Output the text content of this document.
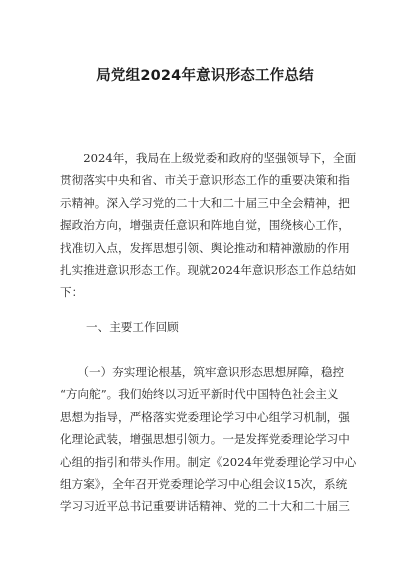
局党组2024年意识形态工作总结
　　2024年，我局在上级党委和政府的坚强领导下，全面
贯彻落实中央和省、市关于意识形态工作的重要决策和指
示精神。深入学习党的二十大和二十届三中全会精神，把
握政治方向，增强责任意识和阵地自觉，围绕核心工作，
找准切入点，发挥思想引领、舆论推动和精神激励的作用
扎实推进意识形态工作。现就2024年意识形态工作总结如
下：
一、主要工作回顾
　　（一）夯实理论根基，筑牢意识形态思想屏障，稳控
“方向舵”。我们始终以习近平新时代中国特色社会主义
思想为指导，严格落实党委理论学习中心组学习机制，强
化理论武装，增强思想引领力。一是发挥党委理论学习中
心组的指引和带头作用。制定《2024年党委理论学习中心
组方案》，全年召开党委理论学习中心组会议15次，系统
学习习近平总书记重要讲话精神、党的二十大和二十届三
